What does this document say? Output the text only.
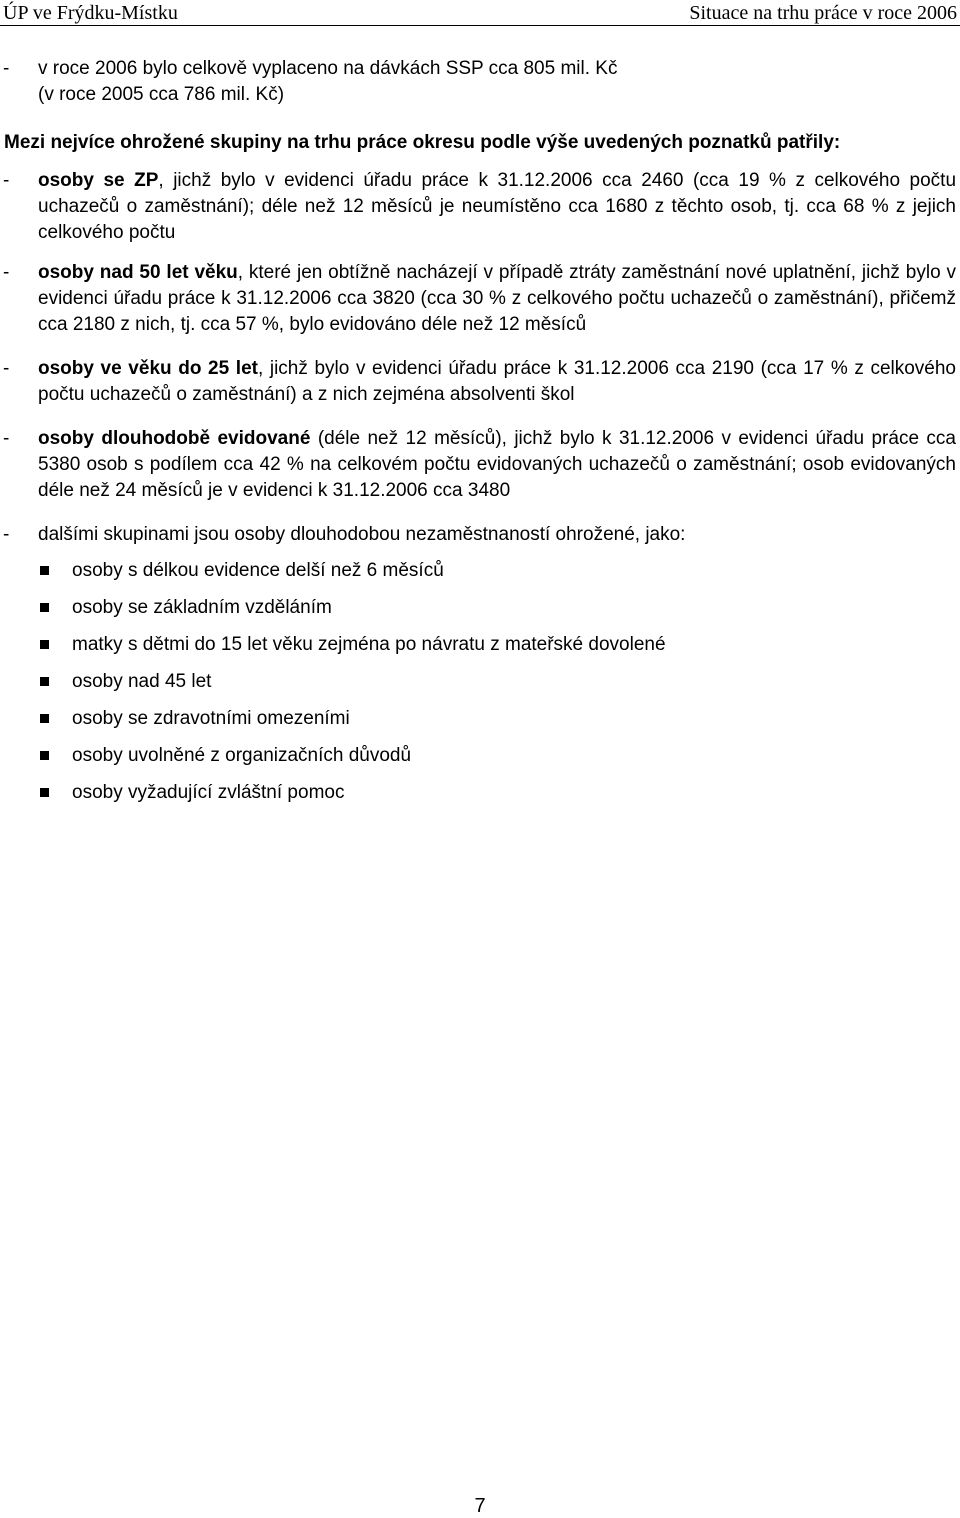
ÚP ve Frýdku-Místku	Situace na trhu práce v roce 2006
- v roce 2006 bylo celkově vyplaceno na dávkách SSP cca 805 mil. Kč
(v roce 2005 cca 786 mil. Kč)
Mezi nejvíce ohrožené skupiny na trhu práce okresu podle výše uvedených poznatků patřily:
- osoby se ZP, jichž bylo v evidenci úřadu práce k 31.12.2006 cca 2460 (cca 19 % z celkového počtu uchazečů o zaměstnání); déle než 12 měsíců je neumístěno cca 1680 z těchto osob, tj. cca 68 % z jejich celkového počtu
- osoby nad 50 let věku, které jen obtížně nacházejí v případě ztráty zaměstnání nové uplatnění, jichž bylo v evidenci úřadu práce k 31.12.2006 cca 3820 (cca 30 % z celkového počtu uchazečů o zaměstnání), přičemž cca 2180 z nich, tj. cca 57 %, bylo evidováno déle než 12 měsíců
- osoby ve věku do 25 let, jichž bylo v evidenci úřadu práce k 31.12.2006 cca 2190 (cca 17 % z celkového počtu uchazečů o zaměstnání) a z nich zejména absolventi škol
- osoby dlouhodobě evidované (déle než 12 měsíců), jichž bylo k 31.12.2006 v evidenci úřadu práce cca 5380 osob s podílem cca 42 % na celkovém počtu evidovaných uchazečů o zaměstnání; osob evidovaných déle než 24 měsíců je v evidenci k 31.12.2006 cca 3480
- dalšími skupinami jsou osoby dlouhodobou nezaměstnaností ohrožené, jako:
osoby s délkou evidence delší než 6 měsíců
osoby se základním vzděláním
matky s dětmi do 15 let věku zejména po návratu z mateřské dovolené
osoby nad 45 let
osoby se zdravotními omezeními
osoby uvolněné z organizačních důvodů
osoby vyžadující zvláštní pomoc
7
